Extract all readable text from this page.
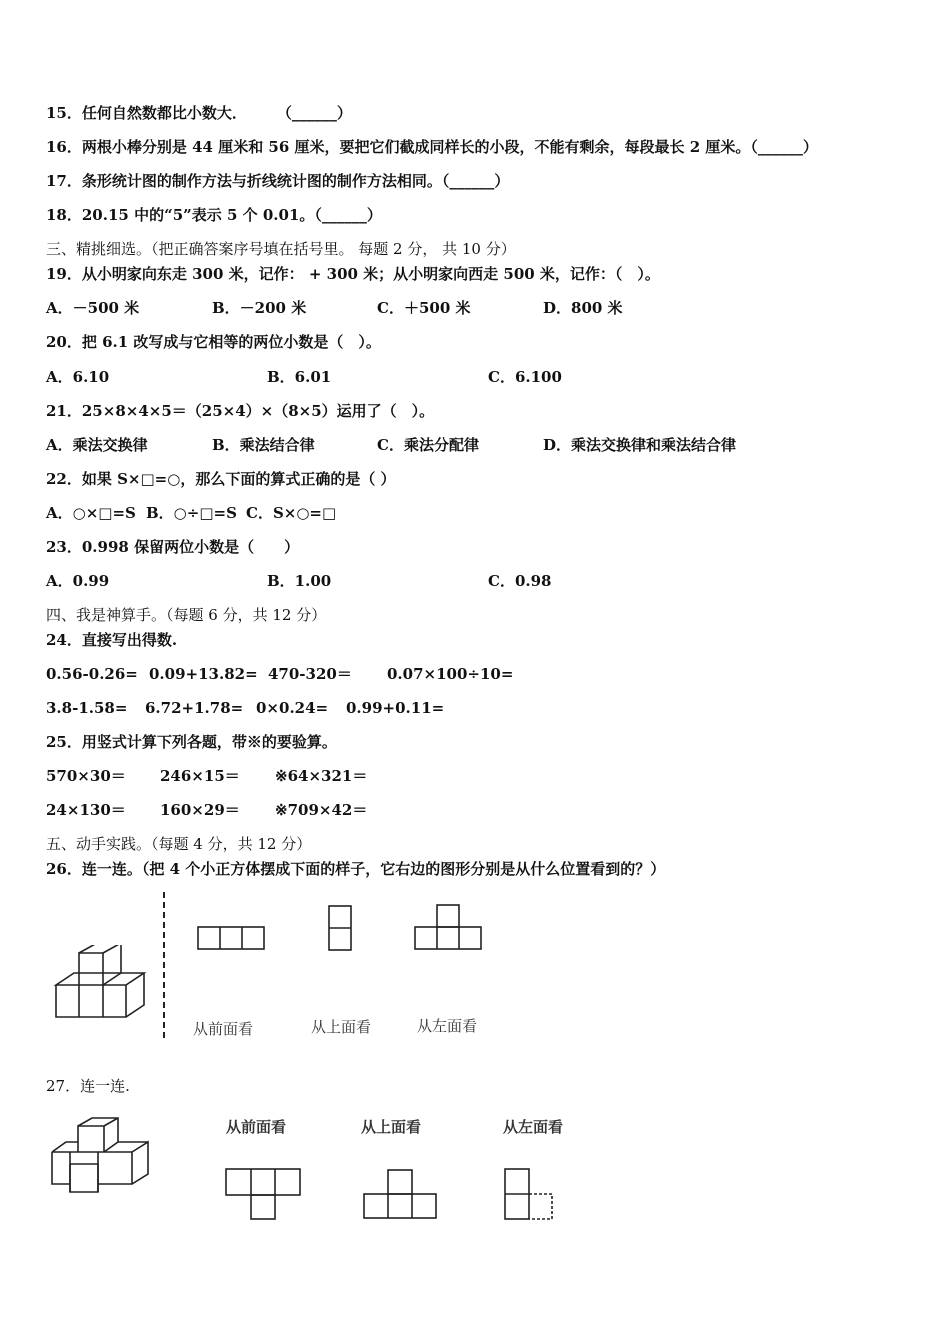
15．任何自然数都比小数大．　　　（______）
16．两根小棒分别是 44 厘米和 56 厘米，要把它们截成同样长的小段，不能有剩余，每段最长 2 厘米。（______）
17．条形统计图的制作方法与折线统计图的制作方法相同。（______）
18．20.15 中的“5”表示 5 个 0.01。（______）
三、精挑细选。（把正确答案序号填在括号里。 每题 2 分， 共 10 分）
19．从小明家向东走 300 米，记作： + 300 米；从小明家向西走 500 米，记作：（　）。
A．－500 米	B．－200 米	C．＋500 米	D．800 米
20．把 6.1 改写成与它相等的两位小数是（　）。
A．6.10	B．6.01	C．6.100
21．25×8×4×5＝（25×4）×（8×5）运用了（　）。
A．乘法交换律	B．乘法结合律	C．乘法分配律	D．乘法交换律和乘法结合律
22．如果 S×□=○，那么下面的算式正确的是（ ）
A．○×□=S B．○÷□=S C．S×○=□
23．0.998 保留两位小数是（　　）
A．0.99	B．1.00	C．0.98
四、我是神算手。（每题 6 分，共 12 分）
24．直接写出得数.
0.56-0.26= 0.09+13.82= 470-320＝ 0.07×100÷10=
3.8-1.58= 6.72+1.78= 0×0.24= 0.99+0.11=
25．用竖式计算下列各题，带※的要验算。
570×30＝ 246×15＝ ※64×321＝
24×130＝ 160×29＝ ※709×42＝
五、动手实践。（每题 4 分，共 12 分）
26．连一连。（把 4 个小正方体摆成下面的样子，它右边的图形分别是从什么位置看到的？）
从前面看	从上面看	从左面看
27．连一连.
从前面看	从上面看	从左面看
